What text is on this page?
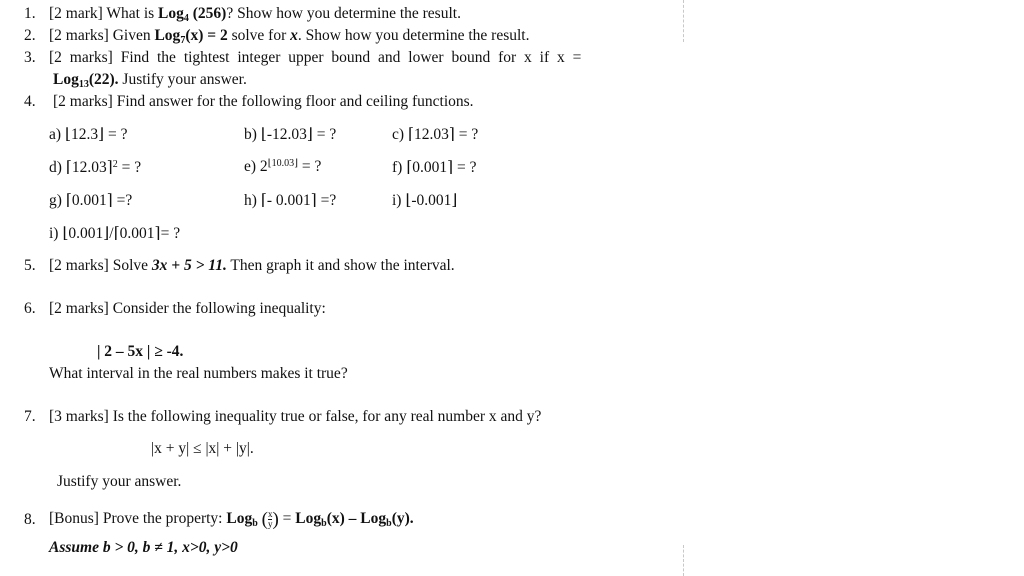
1. [2 mark] What is Log$_4$ (256)? Show how you determine the result.
2. [2 marks] Given Log$_7$(x) = 2 solve for x. Show how you determine the result.
3. [2 marks] Find the tightest integer upper bound and lower bound for x if x =
Log$_{13}$(22). Justify your answer.
4. [2 marks] Find answer for the following floor and ceiling functions.
a) ⌊12.3⌋ = ?	b) ⌊-12.03⌋ = ?	c) ⌈12.03⌉ = ?
d) ⌈12.03⌉$^2$ = ?	e) $2^{⌊10.03⌋}$ = ?	f) ⌈0.001⌉ = ?
g) ⌈0.001⌉ =?	h) ⌈- 0.001⌉ =?	i) ⌊-0.001⌋
i) ⌊0.001⌋/⌈0.001⌉= ?
5. [2 marks] Solve 3x + 5 > 11. Then graph it and show the interval.
6. [2 marks] Consider the following inequality:
| 2 – 5x | ≥ -4.
What interval in the real numbers makes it true?
7. [3 marks] Is the following inequality true or false, for any real number x and y?
|x + y| ≤ |x| + |y|.
Justify your answer.
8. [Bonus] Prove the property: Log$_b$ $(\frac{x}{y}) = Log_b(x) - Log_b(y)$.
Assume b > 0, b ≠ 1, x>0, y>0
